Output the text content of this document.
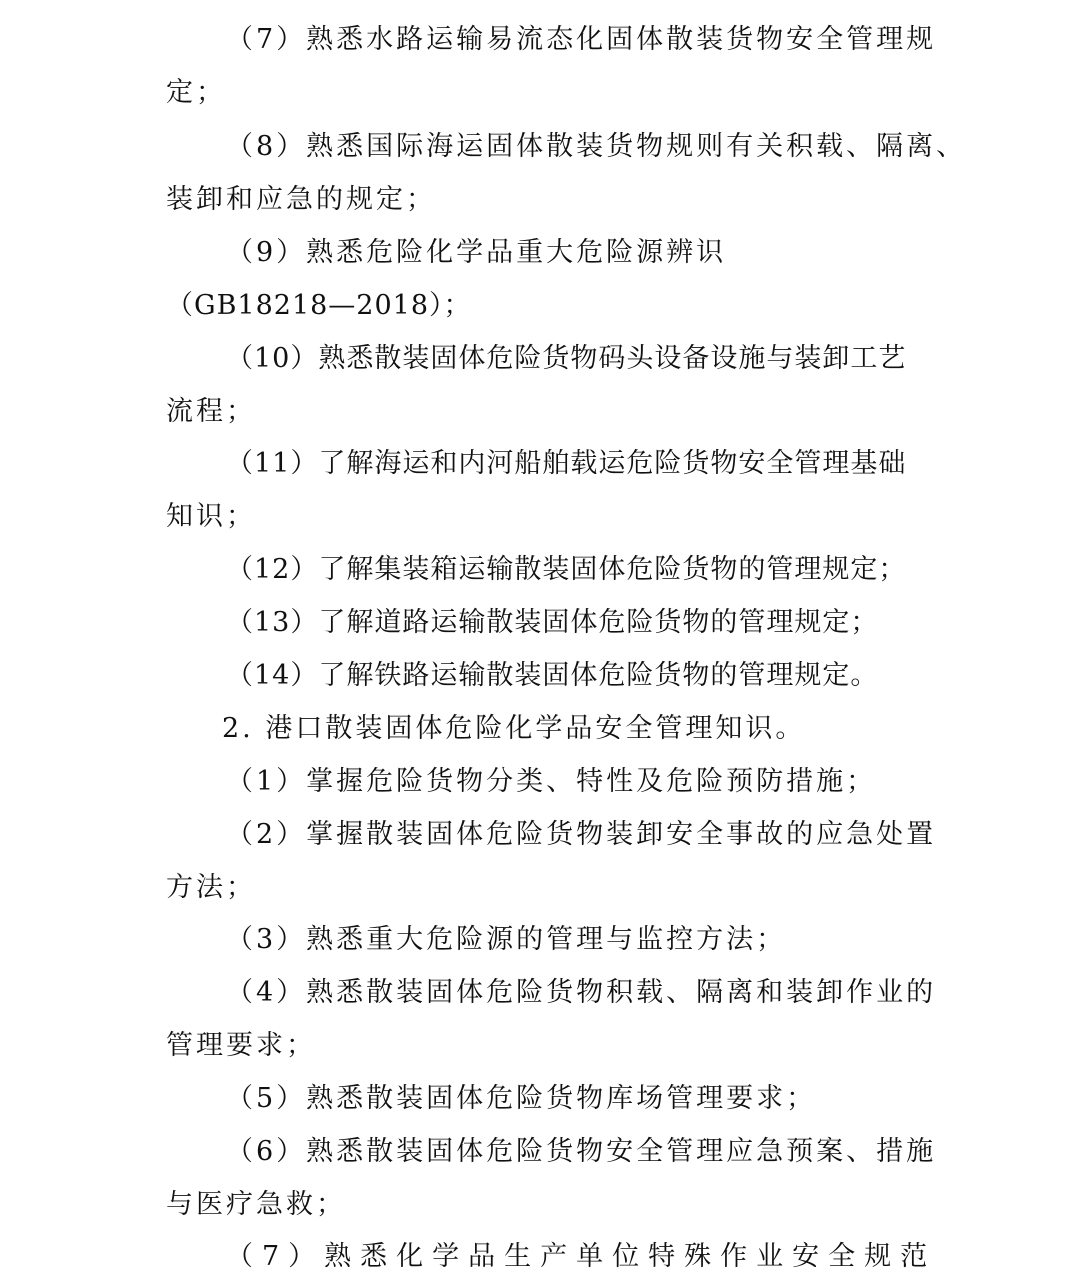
（7）熟悉水路运输易流态化固体散装货物安全管理规
定；
（8）熟悉国际海运固体散装货物规则有关积载、隔离、
装卸和应急的规定；
（9）熟悉危险化学品重大危险源辨识
（GB18218—2018）；
（10）熟悉散装固体危险货物码头设备设施与装卸工艺
流程；
（11）了解海运和内河船舶载运危险货物安全管理基础
知识；
（12）了解集装箱运输散装固体危险货物的管理规定；
（13）了解道路运输散装固体危险货物的管理规定；
（14）了解铁路运输散装固体危险货物的管理规定。
2. 港口散装固体危险化学品安全管理知识。
（1）掌握危险货物分类、特性及危险预防措施；
（2）掌握散装固体危险货物装卸安全事故的应急处置
方法；
（3）熟悉重大危险源的管理与监控方法；
（4）熟悉散装固体危险货物积载、隔离和装卸作业的
管理要求；
（5）熟悉散装固体危险货物库场管理要求；
（6）熟悉散装固体危险货物安全管理应急预案、措施
与医疗急救；
（7）熟悉化学品生产单位特殊作业安全规范
